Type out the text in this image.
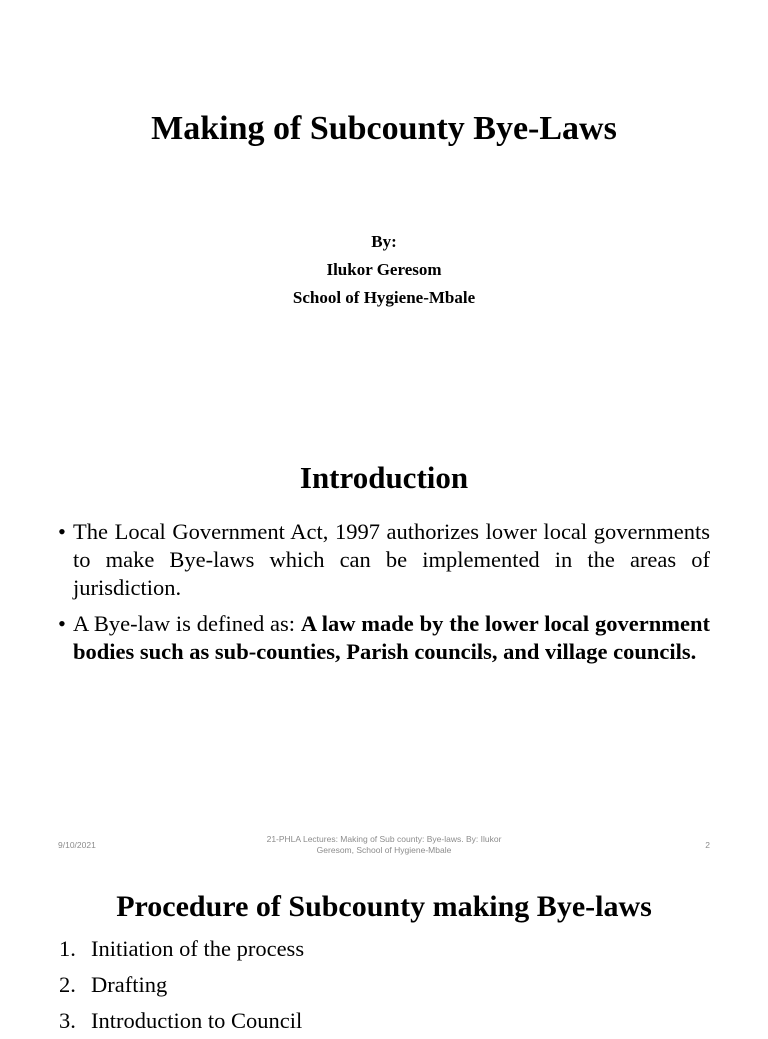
Making of Subcounty Bye-Laws
By:
Ilukor Geresom
School of Hygiene-Mbale
Introduction
• The Local Government Act, 1997 authorizes lower local governments to make Bye-laws which can be implemented in the areas of jurisdiction.
• A Bye-law is defined as: A law made by the lower local government bodies such as sub-counties, Parish councils, and village councils.
9/10/2021
21-PHLA Lectures: Making of Sub county: Bye-laws. By: Ilukor
Geresom, School of Hygiene-Mbale	2
Procedure of Subcounty making Bye-laws
1. Initiation of the process
2. Drafting
3. Introduction to Council
